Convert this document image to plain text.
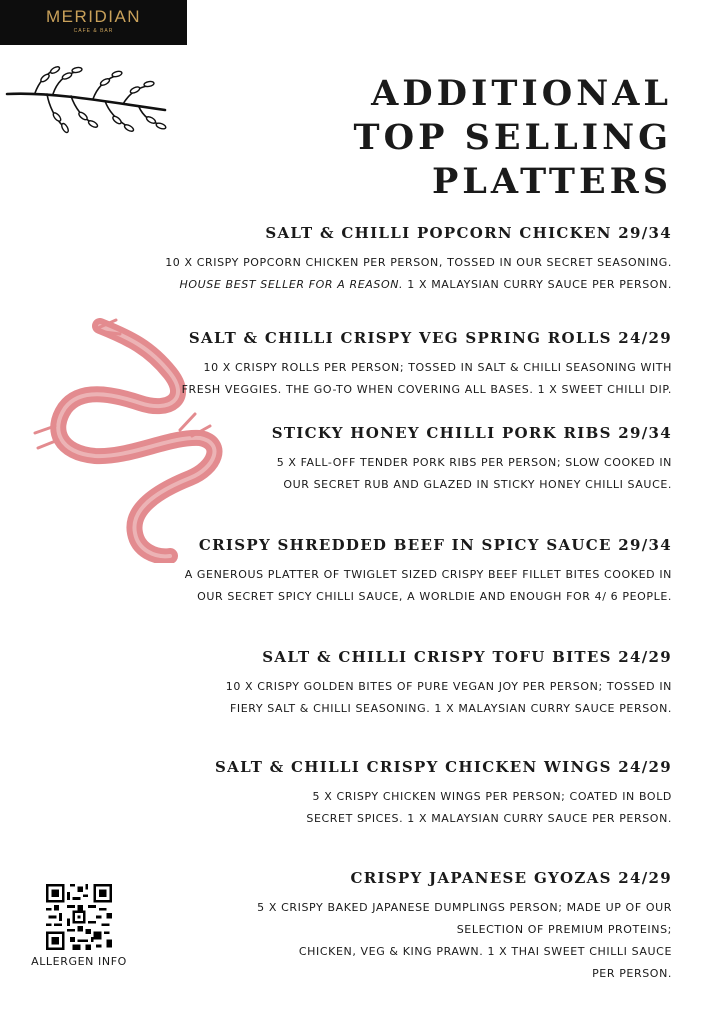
MERIDIAN
CAFE & BAR
ADDITIONAL
TOP SELLING
PLATTERS
SALT & CHILLI POPCORN CHICKEN 29/34
10 X CRISPY POPCORN CHICKEN PER PERSON, TOSSED IN OUR SECRET SEASONING.
HOUSE BEST SELLER FOR A REASON. 1 X MALAYSIAN CURRY SAUCE PER PERSON.
SALT & CHILLI CRISPY VEG SPRING ROLLS 24/29
10 X CRISPY ROLLS PER PERSON; TOSSED IN SALT & CHILLI SEASONING WITH
FRESH VEGGIES. THE GO-TO WHEN COVERING ALL BASES. 1 X SWEET CHILLI DIP.
STICKY HONEY CHILLI PORK RIBS 29/34
5 X FALL-OFF TENDER PORK RIBS PER PERSON; SLOW COOKED IN
OUR SECRET RUB AND GLAZED IN STICKY HONEY CHILLI SAUCE.
CRISPY SHREDDED BEEF IN SPICY SAUCE 29/34
A GENEROUS PLATTER OF TWIGLET SIZED CRISPY BEEF FILLET BITES COOKED IN
OUR SECRET SPICY CHILLI SAUCE, A WORLDIE AND ENOUGH FOR 4/ 6 PEOPLE.
SALT & CHILLI CRISPY TOFU BITES 24/29
10 X CRISPY GOLDEN BITES OF PURE VEGAN JOY PER PERSON; TOSSED IN
FIERY SALT & CHILLI SEASONING. 1 X MALAYSIAN CURRY SAUCE PERSON.
SALT & CHILLI CRISPY CHICKEN WINGS 24/29
5 X CRISPY CHICKEN WINGS PER PERSON; COATED IN BOLD
SECRET SPICES. 1 X MALAYSIAN CURRY SAUCE PER PERSON.
CRISPY JAPANESE GYOZAS 24/29
5 X CRISPY BAKED JAPANESE DUMPLINGS PERSON; MADE UP OF OUR
SELECTION OF PREMIUM PROTEINS;
CHICKEN, VEG & KING PRAWN. 1 X THAI SWEET CHILLI SAUCE
PER PERSON.
ALLERGEN INFO
